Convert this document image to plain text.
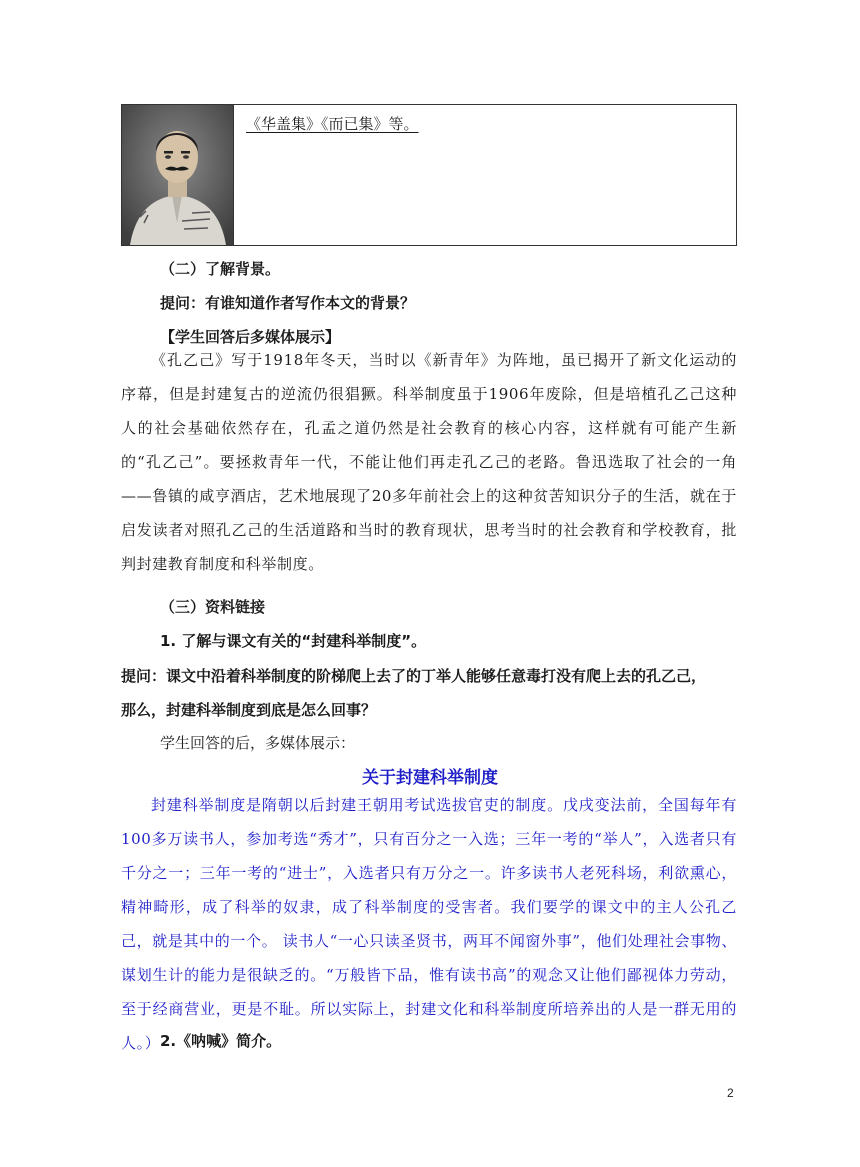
《华盖集》《而已集》等。
（二）了解背景。
提问：有谁知道作者写作本文的背景？
【学生回答后多媒体展示】

《孔乙己》写于1918年冬天，当时以《新青年》为阵地，虽已揭开了新文化运动的序幕，但是封建复古的逆流仍很猖獗。科举制度虽于1906年废除，但是培植孔乙己这种人的社会基础依然存在，孔孟之道仍然是社会教育的核心内容，这样就有可能产生新的“孔乙己”。要拯救青年一代，不能让他们再走孔乙己的老路。鲁迅选取了社会的一角——鲁镇的咸亨酒店，艺术地展现了20多年前社会上的这种贫苦知识分子的生活，就在于启发读者对照孔乙己的生活道路和当时的教育现状，思考当时的社会教育和学校教育，批判封建教育制度和科举制度。

（三）资料链接
1. 了解与课文有关的“封建科举制度”。
提问：课文中沿着科举制度的阶梯爬上去了的丁举人能够任意毒打没有爬上去的孔乙己，
那么，封建科举制度到底是怎么回事？
学生回答的后，多媒体展示：
关于封建科举制度

封建科举制度是隋朝以后封建王朝用考试选拔官吏的制度。戊戌变法前，全国每年有100多万读书人，参加考选“秀才”，只有百分之一入选；三年一考的“举人”，入选者只有千分之一；三年一考的“进士”，入选者只有万分之一。许多读书人老死科场，利欲熏心，精神畸形，成了科举的奴隶，成了科举制度的受害者。我们要学的课文中的主人公孔乙己，就是其中的一个。 读书人“一心只读圣贤书，两耳不闻窗外事”，他们处理社会事物、谋划生计的能力是很缺乏的。“万般皆下品，惟有读书高”的观念又让他们鄙视体力劳动，至于经商营业，更是不耻。所以实际上，封建文化和科举制度所培养出的人是一群无用的人。） 2.《呐喊》简介。
2
